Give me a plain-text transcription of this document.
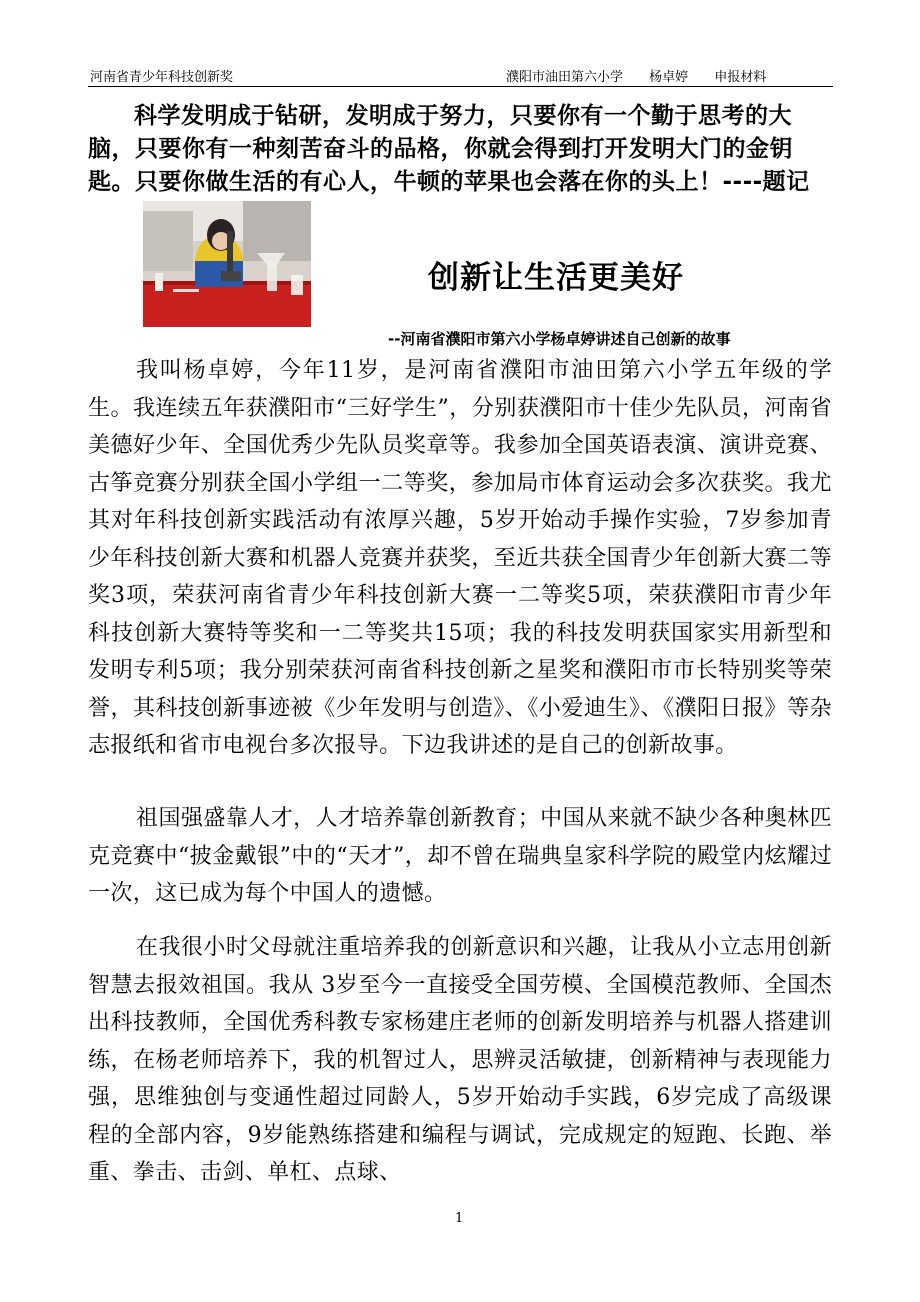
河南省青少年科技创新奖	濮阳市油田第六小学 杨卓婷 申报材料
科学发明成于钻研，发明成于努力，只要你有一个勤于思考的大脑，只要你有一种刻苦奋斗的品格，你就会得到打开发明大门的金钥匙。只要你做生活的有心人，牛顿的苹果也会落在你的头上！----题记
创新让生活更美好
--河南省濮阳市第六小学杨卓婷讲述自己创新的故事
我叫杨卓婷，今年11岁，是河南省濮阳市油田第六小学五年级的学生。我连续五年获濮阳市“三好学生”，分别获濮阳市十佳少先队员，河南省美德好少年、全国优秀少先队员奖章等。我参加全国英语表演、演讲竞赛、古筝竞赛分别获全国小学组一二等奖，参加局市体育运动会多次获奖。我尤其对年科技创新实践活动有浓厚兴趣，5岁开始动手操作实验，7岁参加青少年科技创新大赛和机器人竞赛并获奖，至近共获全国青少年创新大赛二等奖3项，荣获河南省青少年科技创新大赛一二等奖5项，荣获濮阳市青少年科技创新大赛特等奖和一二等奖共15项；我的科技发明获国家实用新型和发明专利5项；我分别荣获河南省科技创新之星奖和濮阳市市长特别奖等荣誉，其科技创新事迹被《少年发明与创造》、《小爱迪生》、《濮阳日报》等杂志报纸和省市电视台多次报导。下边我讲述的是自己的创新故事。
祖国强盛靠人才，人才培养靠创新教育；中国从来就不缺少各种奥林匹克竞赛中“披金戴银”中的“天才”，却不曾在瑞典皇家科学院的殿堂内炫耀过一次，这已成为每个中国人的遗憾。
在我很小时父母就注重培养我的创新意识和兴趣，让我从小立志用创新智慧去报效祖国。我从 3岁至今一直接受全国劳模、全国模范教师、全国杰出科技教师，全国优秀科教专家杨建庄老师的创新发明培养与机器人搭建训练，在杨老师培养下，我的机智过人，思辨灵活敏捷，创新精神与表现能力强，思维独创与变通性超过同龄人，5岁开始动手实践，6岁完成了高级课程的全部内容，9岁能熟练搭建和编程与调试，完成规定的短跑、长跑、举重、拳击、击剑、单杠、点球、
1
